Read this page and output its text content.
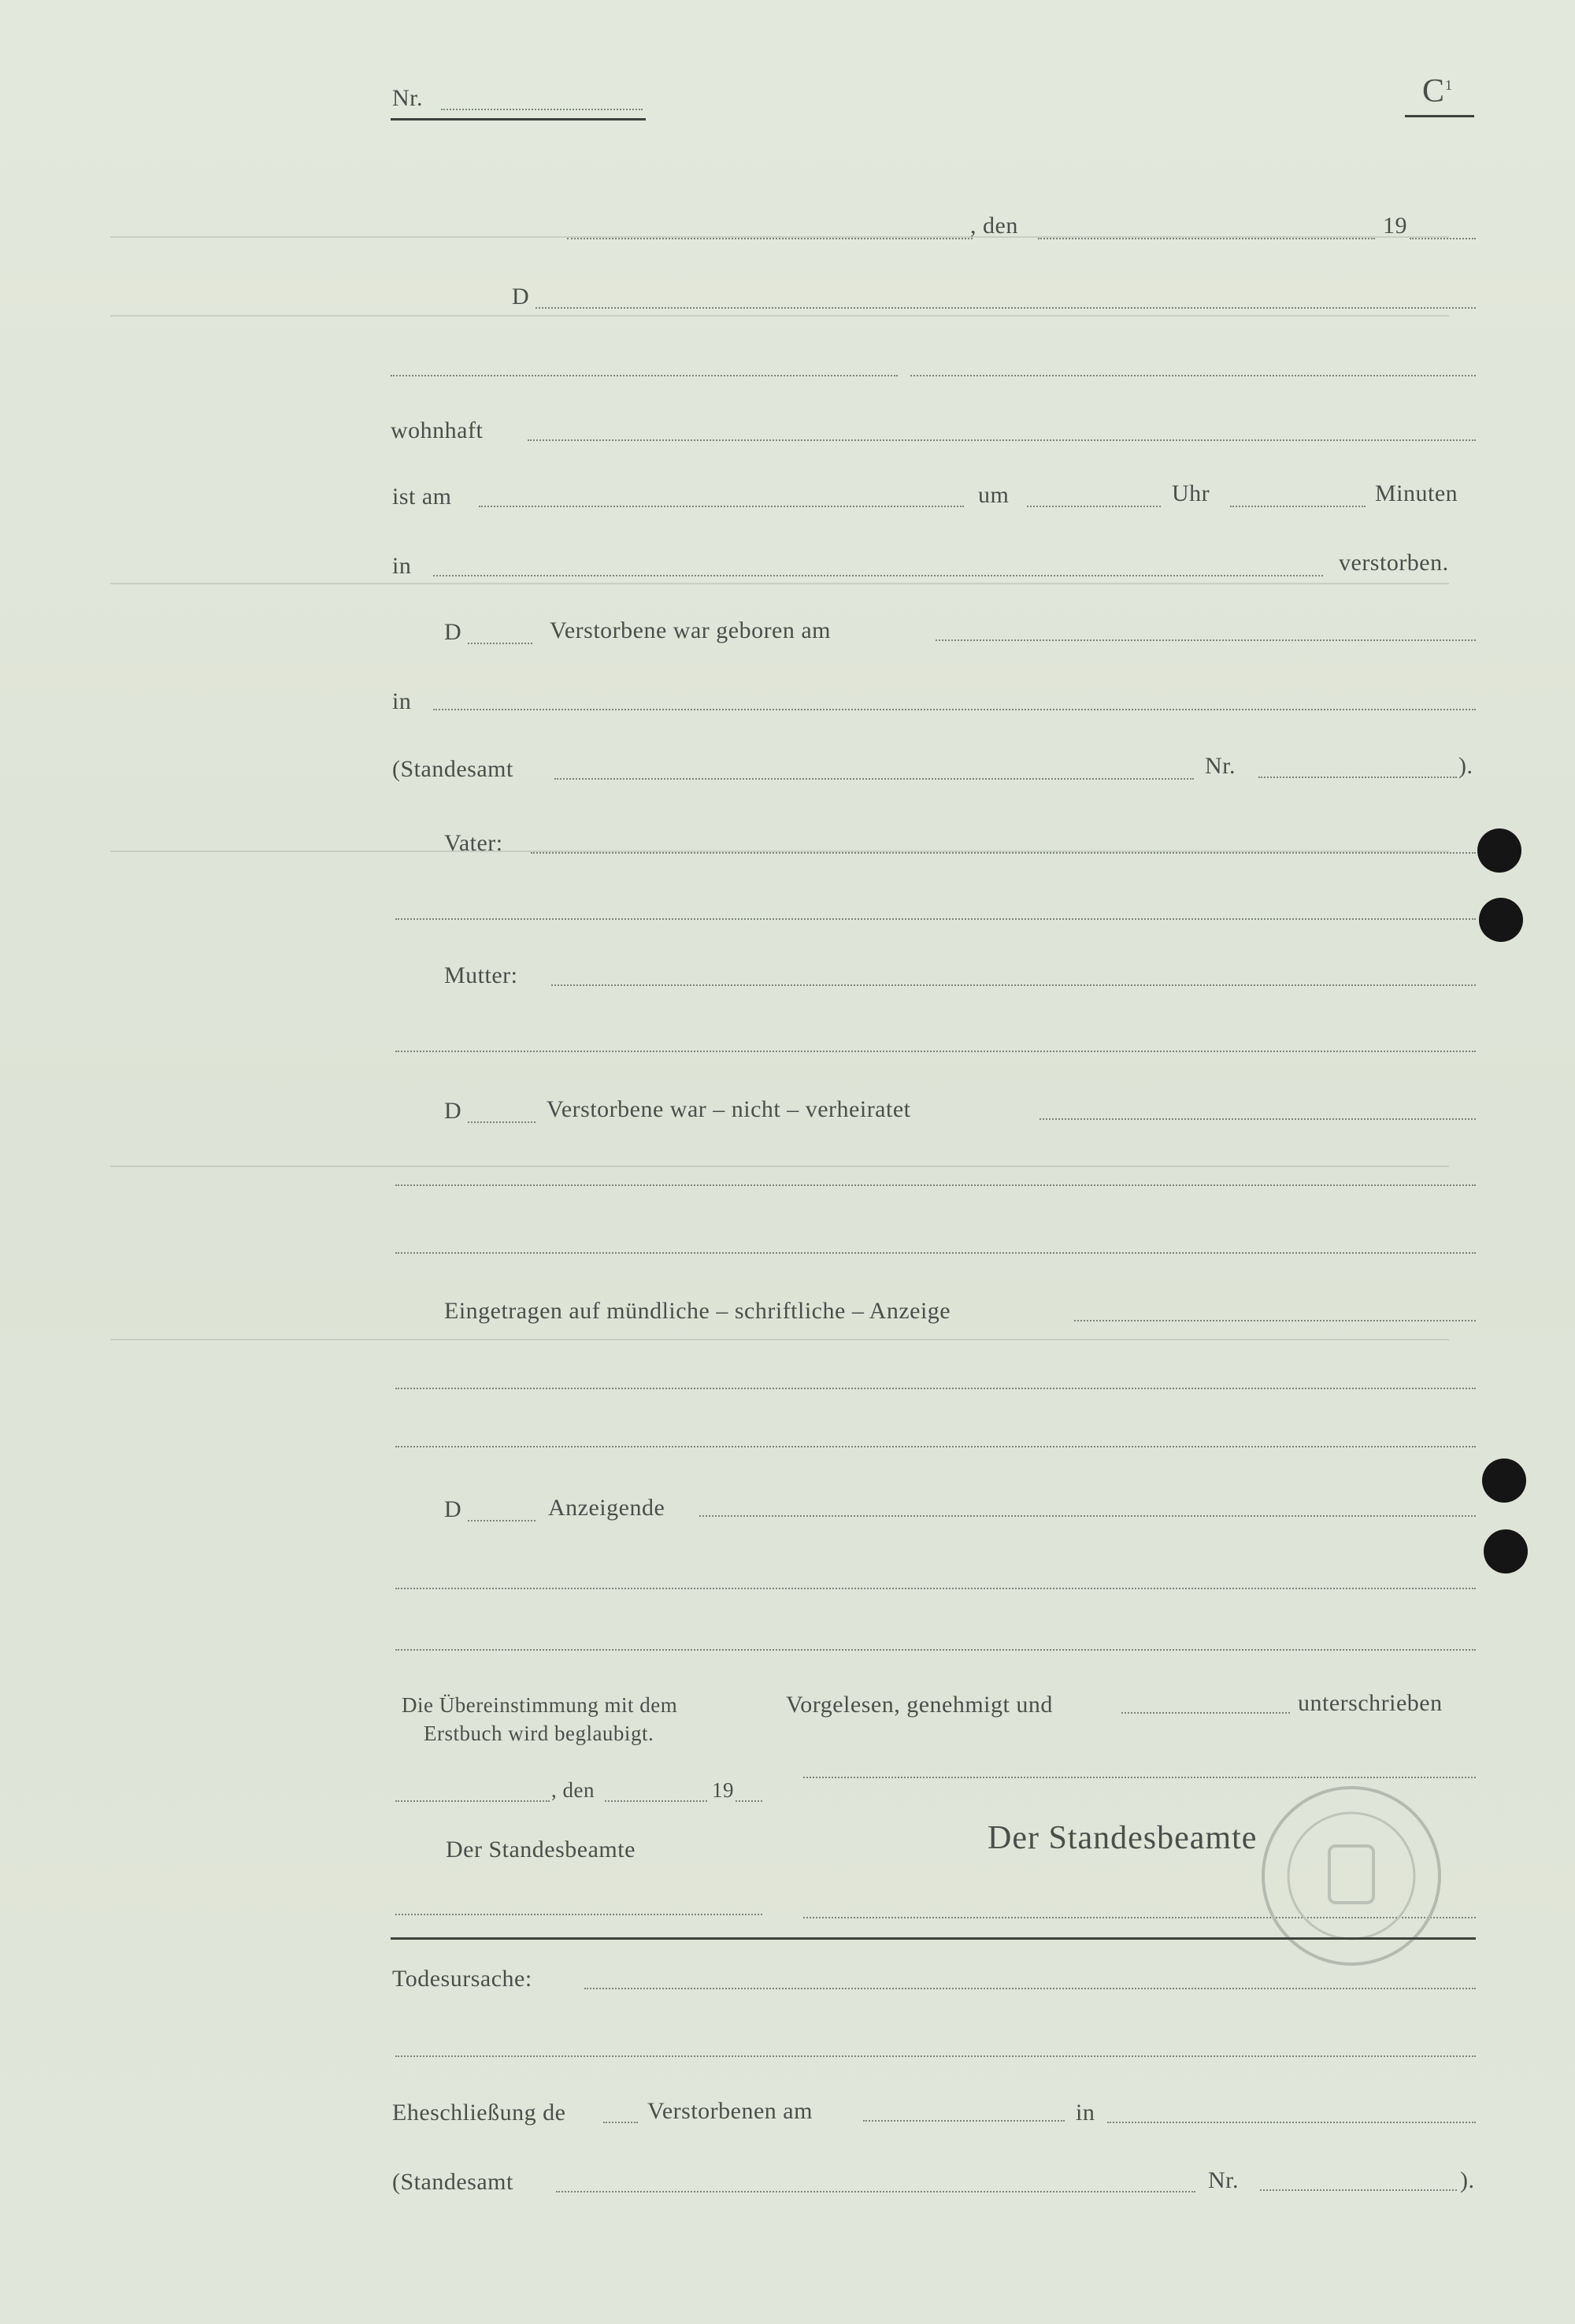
Nr.	$C^1$
, den	19
D
wohnhaft
ist am	um	Uhr	Minuten
in	verstorben.
D	Verstorbene war geboren am
in
(Standesamt	Nr.	).
Vater:
Mutter:
D	Verstorbene war – nicht – verheiratet
Eingetragen auf mündliche – schriftliche – Anzeige
D	Anzeigende
Die Übereinstimmung mit dem
Erstbuch wird beglaubigt.
, den	19
Der Standesbeamte
Vorgelesen, genehmigt und	unterschrieben
Der Standesbeamte
Todesursache:
Eheschließung de	Verstorbenen am	in
(Standesamt	Nr.	).
